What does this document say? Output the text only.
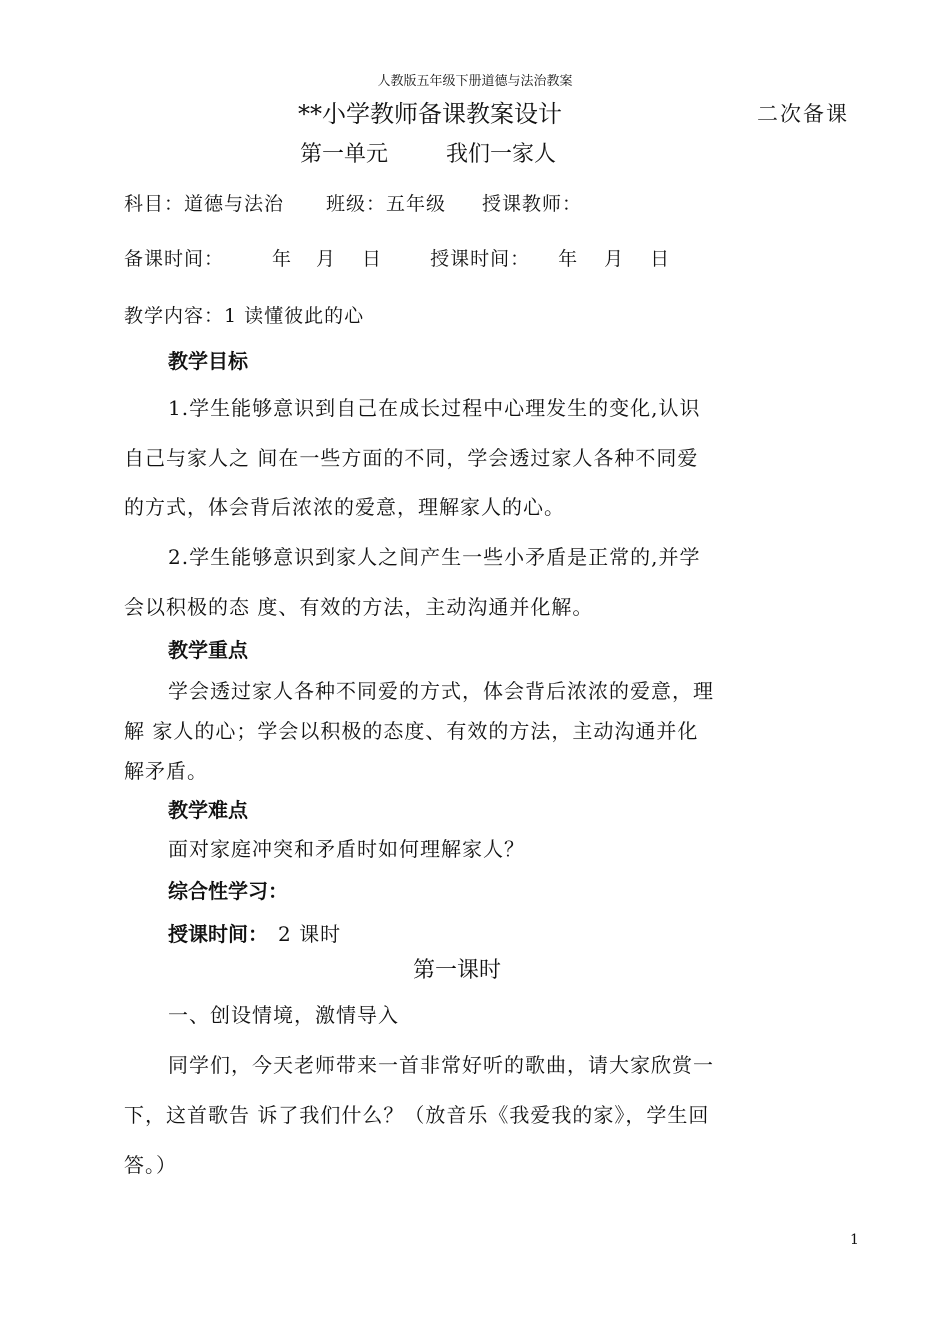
人教版五年级下册道德与法治教案
**小学教师备课教案设计	二次备课
第一单元	我们一家人
科目：道德与法治 班级：五年级 授课教师：
备课时间：	年 月 日	授课时间： 年 月 日
教学内容：1 读懂彼此的心
教学目标
1.学生能够意识到自己在成长过程中心理发生的变化,认识
自己与家人之 间在一些方面的不同，学会透过家人各种不同爱
的方式，体会背后浓浓的爱意，理解家人的心。
2.学生能够意识到家人之间产生一些小矛盾是正常的,并学
会以积极的态 度、有效的方法，主动沟通并化解。
教学重点
学会透过家人各种不同爱的方式，体会背后浓浓的爱意，理
解 家人的心；学会以积极的态度、有效的方法，主动沟通并化
解矛盾。
教学难点
面对家庭冲突和矛盾时如何理解家人？
综合性学习：
授课时间： 2 课时
第一课时
一、创设情境，激情导入
同学们，今天老师带来一首非常好听的歌曲，请大家欣赏一
下，这首歌告 诉了我们什么？（放音乐《我爱我的家》，学生回
答。）
1
